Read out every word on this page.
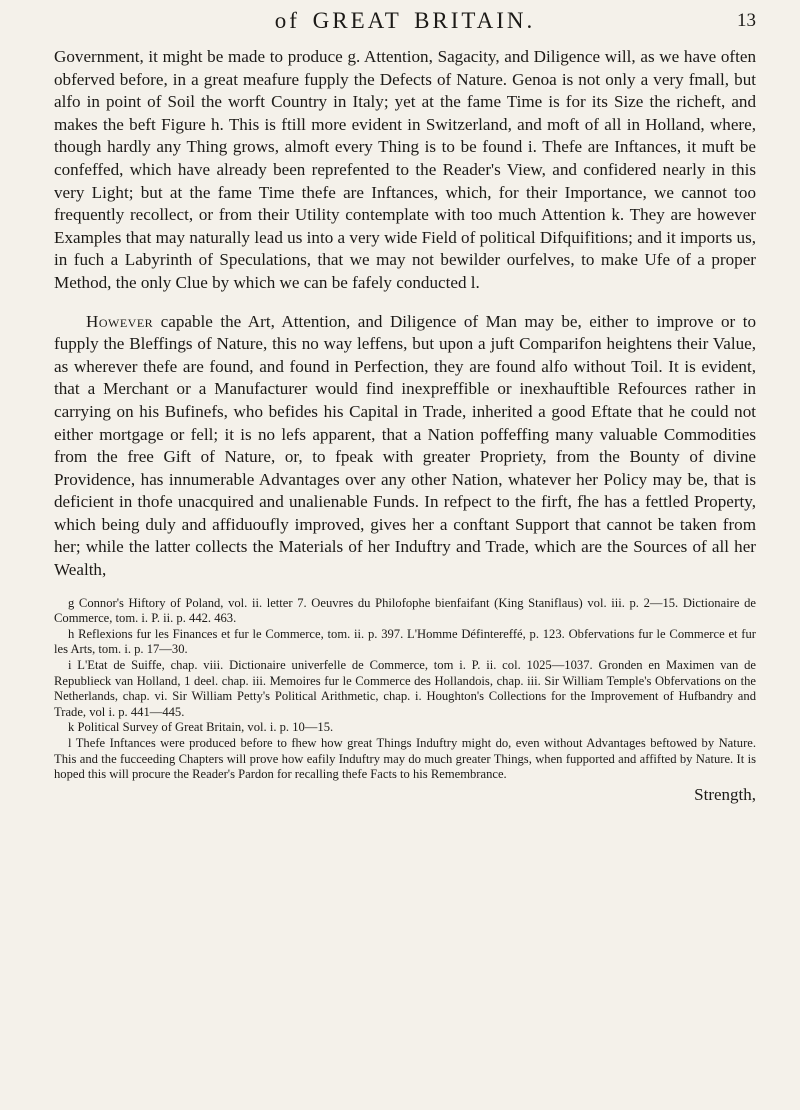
of GREAT BRITAIN.	13

Government, it might be made to produce g. Attention, Sagacity, and Diligence will, as we have often obferved before, in a great meafure fupply the Defects of Nature. Genoa is not only a very fmall, but alfo in point of Soil the worft Country in Italy; yet at the fame Time is for its Size the richeft, and makes the beft Figure h. This is ftill more evident in Switzerland, and moft of all in Holland, where, though hardly any Thing grows, almoft every Thing is to be found i. Thefe are Inftances, it muft be confeffed, which have already been reprefented to the Reader's View, and confidered nearly in this very Light; but at the fame Time thefe are Inftances, which, for their Importance, we cannot too frequently recollect, or from their Utility contemplate with too much Attention k. They are however Examples that may naturally lead us into a very wide Field of political Difquifitions; and it imports us, in fuch a Labyrinth of Speculations, that we may not bewilder ourfelves, to make Ufe of a proper Method, the only Clue by which we can be fafely conducted l.

However capable the Art, Attention, and Diligence of Man may be, either to improve or to fupply the Bleffings of Nature, this no way leffens, but upon a juft Comparifon heightens their Value, as wherever thefe are found, and found in Perfection, they are found alfo without Toil. It is evident, that a Merchant or a Manufacturer would find inexpreffible or inexhauftible Refources rather in carrying on his Bufinefs, who befides his Capital in Trade, inherited a good Eftate that he could not either mortgage or fell; it is no lefs apparent, that a Nation poffeffing many valuable Commodities from the free Gift of Nature, or, to fpeak with greater Propriety, from the Bounty of divine Providence, has innumerable Advantages over any other Nation, whatever her Policy may be, that is deficient in thofe unacquired and unalienable Funds. In refpect to the firft, fhe has a fettled Property, which being duly and affiduoufly improved, gives her a conftant Support that cannot be taken from her; while the latter collects the Materials of her Induftry and Trade, which are the Sources of all her Wealth,

g Connor's Hiftory of Poland, vol. ii. letter 7. Oeuvres du Philofophe bienfaifant (King Staniflaus) vol. iii. p. 2—15. Dictionaire de Commerce, tom. i. P. ii. p. 442. 463.

h Reflexions fur les Finances et fur le Commerce, tom. ii. p. 397. L'Homme Défintereffé, p. 123. Obfervations fur le Commerce et fur les Arts, tom. i. p. 17—30.

i L'Etat de Suiffe, chap. viii. Dictionaire univerfelle de Commerce, tom i. P. ii. col. 1025—1037. Gronden en Maximen van de Republieck van Holland, 1 deel. chap. iii. Memoires fur le Commerce des Hollandois, chap. iii. Sir William Temple's Obfervations on the Netherlands, chap. vi. Sir William Petty's Political Arithmetic, chap. i. Houghton's Collections for the Improvement of Hufbandry and Trade, vol i. p. 441—445.

k Political Survey of Great Britain, vol. i. p. 10—15.

l Thefe Inftances were produced before to fhew how great Things Induftry might do, even without Advantages beftowed by Nature. This and the fucceeding Chapters will prove how eafily Induftry may do much greater Things, when fupported and affifted by Nature. It is hoped this will procure the Reader's Pardon for recalling thefe Facts to his Remembrance.

Strength,
